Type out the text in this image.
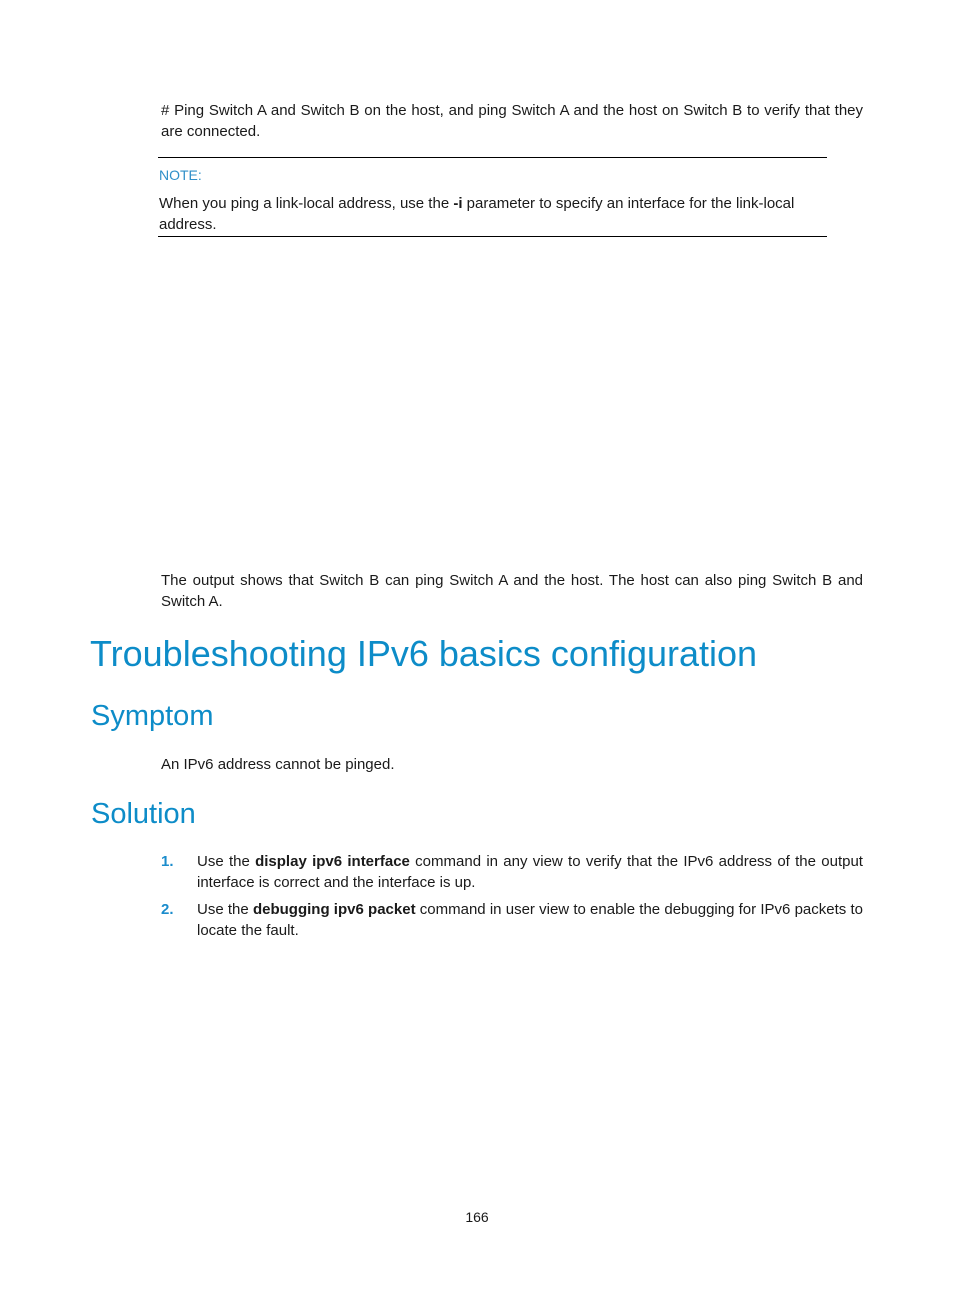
# Ping Switch A and Switch B on the host, and ping Switch A and the host on Switch B to verify that they are connected.

NOTE:

When you ping a link-local address, use the -i parameter to specify an interface for the link-local address.

The output shows that Switch B can ping Switch A and the host. The host can also ping Switch B and Switch A.

Troubleshooting IPv6 basics configuration
Symptom

An IPv6 address cannot be pinged.

Solution
1. Use the display ipv6 interface command in any view to verify that the IPv6 address of the output interface is correct and the interface is up.
2. Use the debugging ipv6 packet command in user view to enable the debugging for IPv6 packets to locate the fault.
166
